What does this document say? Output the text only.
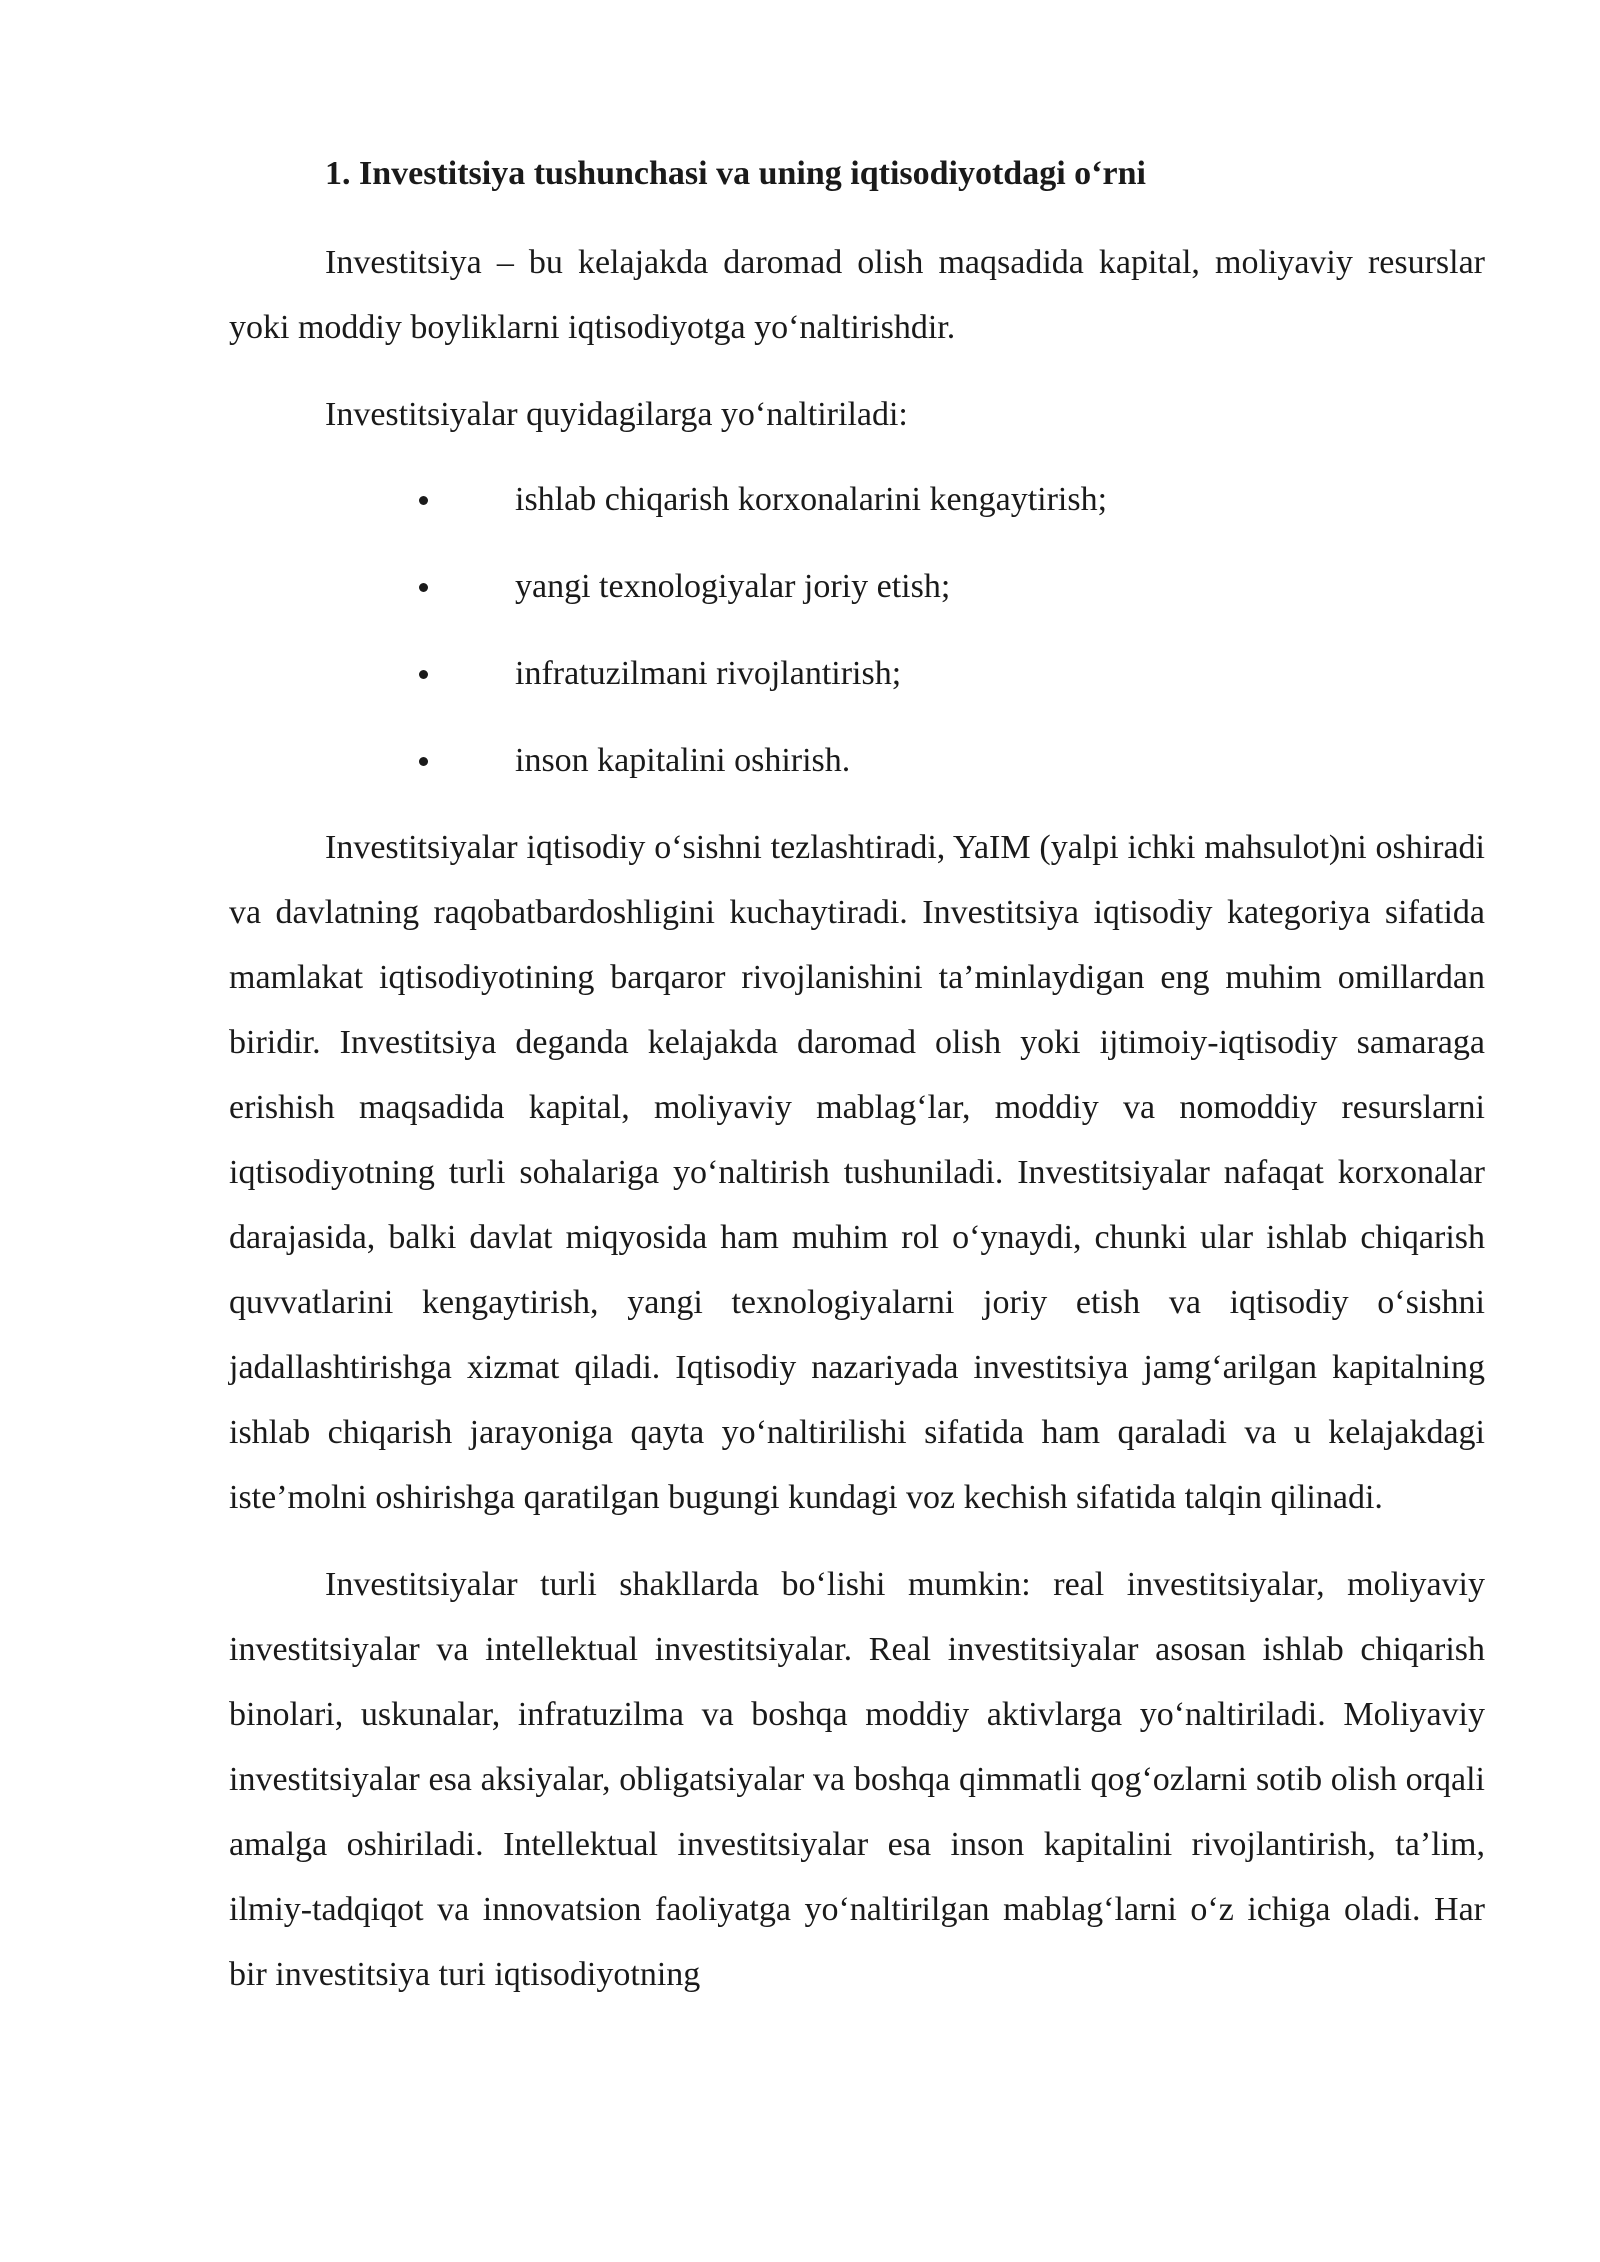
1. Investitsiya tushunchasi va uning iqtisodiyotdagi o‘rni

Investitsiya – bu kelajakda daromad olish maqsadida kapital, moliyaviy resurslar yoki moddiy boyliklarni iqtisodiyotga yo‘naltirishdir.

Investitsiyalar quyidagilarga yo‘naltiriladi:

ishlab chiqarish korxonalarini kengaytirish;
yangi texnologiyalar joriy etish;
infratuzilmani rivojlantirish;
inson kapitalini oshirish.

Investitsiyalar iqtisodiy o‘sishni tezlashtiradi, YaIM (yalpi ichki mahsulot)ni oshiradi va davlatning raqobatbardoshligini kuchaytiradi. Investitsiya iqtisodiy kategoriya sifatida mamlakat iqtisodiyotining barqaror rivojlanishini ta’minlaydigan eng muhim omillardan biridir. Investitsiya deganda kelajakda daromad olish yoki ijtimoiy-iqtisodiy samaraga erishish maqsadida kapital, moliyaviy mablag‘lar, moddiy va nomoddiy resurslarni iqtisodiyotning turli sohalariga yo‘naltirish tushuniladi. Investitsiyalar nafaqat korxonalar darajasida, balki davlat miqyosida ham muhim rol o‘ynaydi, chunki ular ishlab chiqarish quvvatlarini kengaytirish, yangi texnologiyalarni joriy etish va iqtisodiy o‘sishni jadallashtirishga xizmat qiladi. Iqtisodiy nazariyada investitsiya jamg‘arilgan kapitalning ishlab chiqarish jarayoniga qayta yo‘naltirilishi sifatida ham qaraladi va u kelajakdagi iste’molni oshirishga qaratilgan bugungi kundagi voz kechish sifatida talqin qilinadi.

Investitsiyalar turli shakllarda bo‘lishi mumkin: real investitsiyalar, moliyaviy investitsiyalar va intellektual investitsiyalar. Real investitsiyalar asosan ishlab chiqarish binolari, uskunalar, infratuzilma va boshqa moddiy aktivlarga yo‘naltiriladi. Moliyaviy investitsiyalar esa aksiyalar, obligatsiyalar va boshqa qimmatli qog‘ozlarni sotib olish orqali amalga oshiriladi. Intellektual investitsiyalar esa inson kapitalini rivojlantirish, ta’lim, ilmiy-tadqiqot va innovatsion faoliyatga yo‘naltirilgan mablag‘larni o‘z ichiga oladi. Har bir investitsiya turi iqtisodiyotning
